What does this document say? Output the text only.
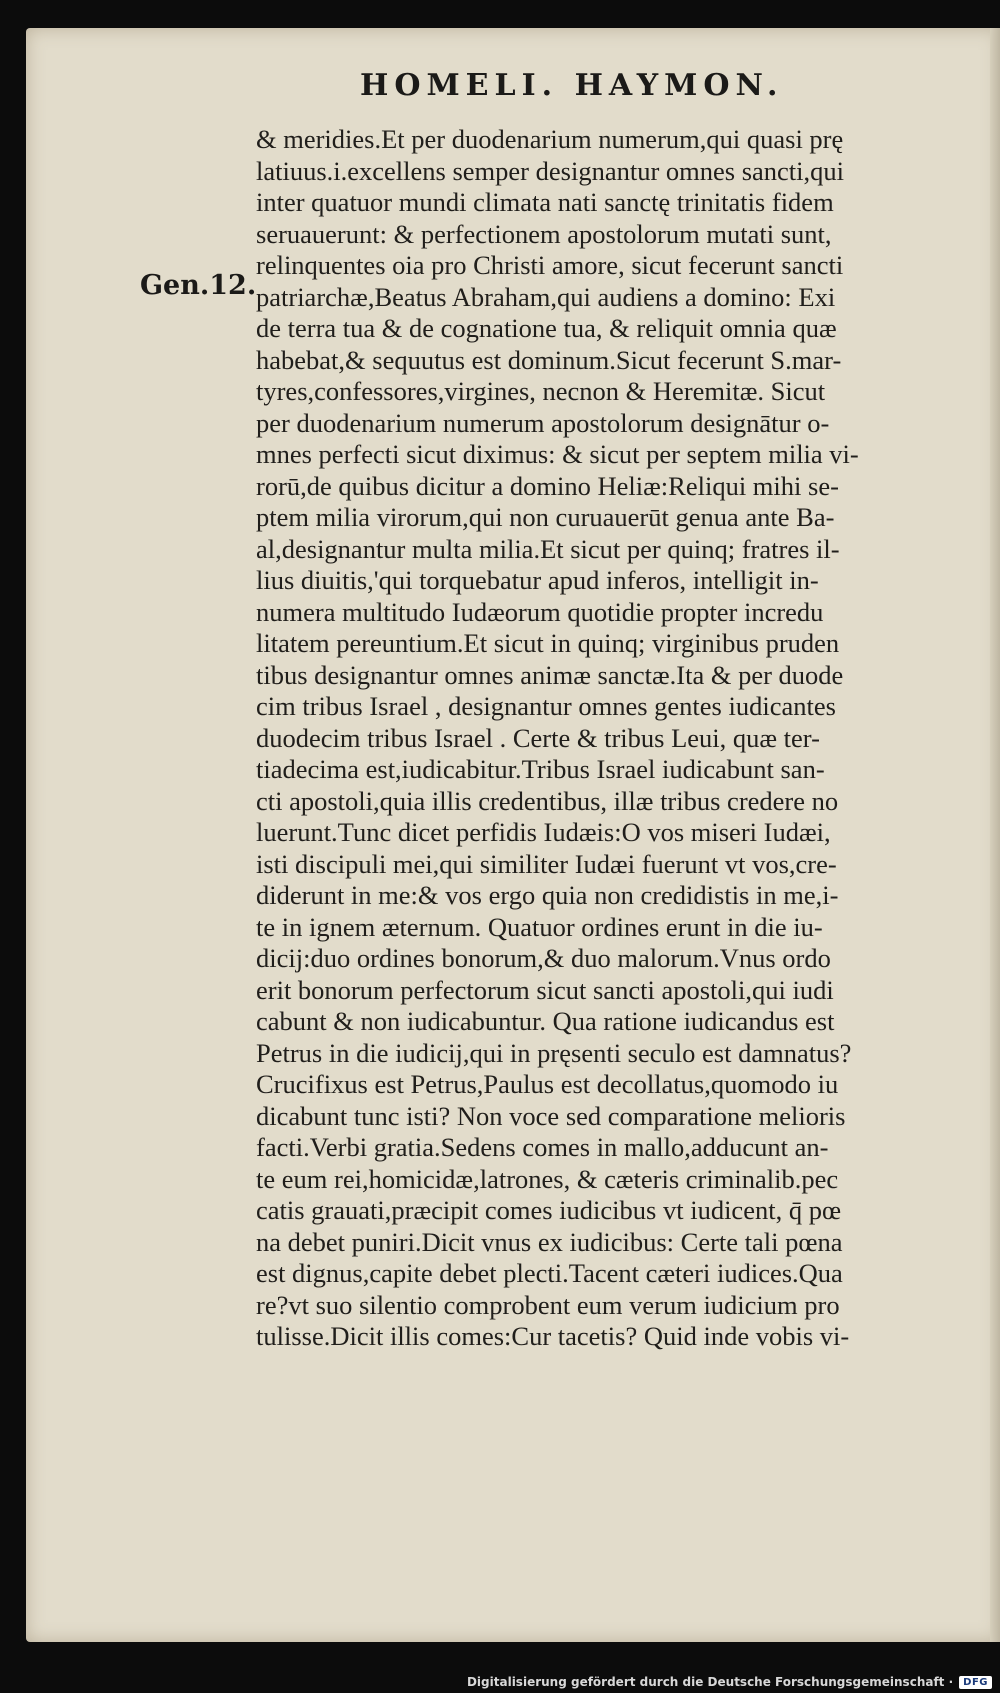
HOMELI. HAYMON.
Gen.12.
& meridies.Et per duodenarium numerum,qui quasi prę
latiuus.i.excellens semper designantur omnes sancti,qui
inter quatuor mundi climata nati sanctę trinitatis fidem
seruauerunt: & perfectionem apostolorum mutati sunt,
relinquentes oia pro Christi amore, sicut fecerunt sancti
patriarchæ,Beatus Abraham,qui audiens a domino: Exi
de terra tua & de cognatione tua, & reliquit omnia quæ
habebat,& sequutus est dominum.Sicut fecerunt S.mar-
tyres,confessores,virgines, necnon & Heremitæ. Sicut
per duodenarium numerum apostolorum designātur o-
mnes perfecti sicut diximus: & sicut per septem milia vi-
rorū,de quibus dicitur a domino Heliæ:Reliqui mihi se-
ptem milia virorum,qui non curuauerūt genua ante Ba-
al,designantur multa milia.Et sicut per quinq; fratres il-
lius diuitis,'qui torquebatur apud inferos, intelligit in-
numera multitudo Iudæorum quotidie propter incredu
litatem pereuntium.Et sicut in quinq; virginibus pruden
tibus designantur omnes animæ sanctæ.Ita & per duode
cim tribus Israel , designantur omnes gentes iudicantes
duodecim tribus Israel . Certe & tribus Leui, quæ ter-
tiadecima est,iudicabitur.Tribus Israel iudicabunt san-
cti apostoli,quia illis credentibus, illæ tribus credere no
luerunt.Tunc dicet perfidis Iudæis:O vos miseri Iudæi,
isti discipuli mei,qui similiter Iudæi fuerunt vt vos,cre-
diderunt in me:& vos ergo quia non credidistis in me,i-
te in ignem æternum. Quatuor ordines erunt in die iu-
dicij:duo ordines bonorum,& duo malorum.Vnus ordo
erit bonorum perfectorum sicut sancti apostoli,qui iudi
cabunt & non iudicabuntur. Qua ratione iudicandus est
Petrus in die iudicij,qui in pręsenti seculo est damnatus?
Crucifixus est Petrus,Paulus est decollatus,quomodo iu
dicabunt tunc isti? Non voce sed comparatione melioris
facti.Verbi gratia.Sedens comes in mallo,adducunt an-
te eum rei,homicidæ,latrones, & cæteris criminalib.pec
catis grauati,præcipit comes iudicibus vt iudicent, q̄ pœ
na debet puniri.Dicit vnus ex iudicibus: Certe tali pœna
est dignus,capite debet plecti.Tacent cæteri iudices.Qua
re?vt suo silentio comprobent eum verum iudicium pro
tulisse.Dicit illis comes:Cur tacetis? Quid inde vobis vi-
Digitalisierung gefördert durch die Deutsche Forschungsgemeinschaft ·	DFG
